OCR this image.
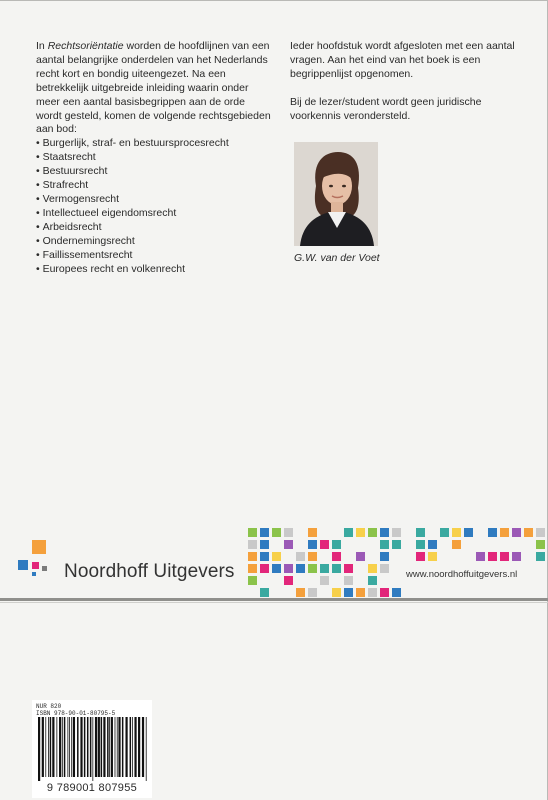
In Rechtsoriëntatie worden de hoofdlijnen van een aantal belangrijke onderdelen van het Nederlands recht kort en bondig uiteengezet. Na een betrekkelijk uitgebreide inleiding waarin onder meer een aantal basisbegrippen aan de orde wordt gesteld, komen de volgende rechtsgebieden aan bod:

• Burgerlijk, straf- en bestuursprocesrecht
• Staatsrecht
• Bestuursrecht
• Strafrecht
• Vermogensrecht
• Intellectueel eigendomsrecht
• Arbeidsrecht
• Ondernemingsrecht
• Faillissementsrecht
• Europees recht en volkenrecht

Ieder hoofdstuk wordt afgesloten met een aantal vragen. Aan het eind van het boek is een begrippenlijst opgenomen.

Bij de lezer/student wordt geen juridische voorkennis verondersteld.

G.W. van der Voet
Noordhoff Uitgevers	www.noordhoffuitgevers.nl
NUR 820
ISBN 978-90-01-80795-5
9 789001 807955
